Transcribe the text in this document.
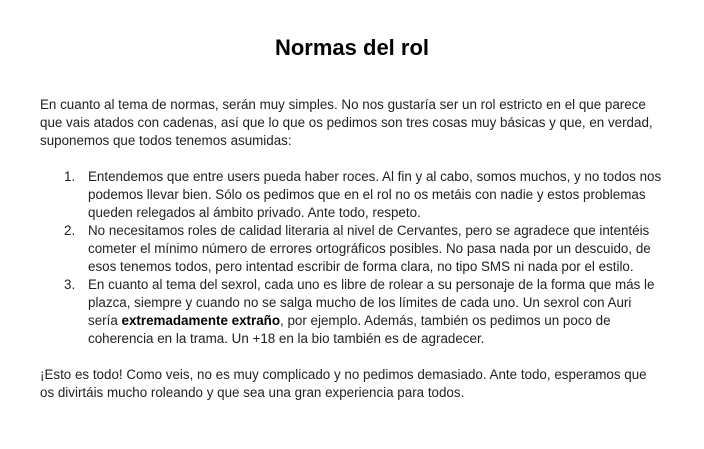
Normas del rol

En cuanto al tema de normas, serán muy simples. No nos gustaría ser un rol estricto en el que parece que vais atados con cadenas, así que lo que os pedimos son tres cosas muy básicas y que, en verdad, suponemos que todos tenemos asumidas:

1. Entendemos que entre users pueda haber roces. Al fin y al cabo, somos muchos, y no todos nos podemos llevar bien. Sólo os pedimos que en el rol no os metáis con nadie y estos problemas queden relegados al ámbito privado. Ante todo, respeto.
2. No necesitamos roles de calidad literaria al nivel de Cervantes, pero se agradece que intentéis cometer el mínimo número de errores ortográficos posibles. No pasa nada por un descuido, de esos tenemos todos, pero intentad escribir de forma clara, no tipo SMS ni nada por el estilo.
3. En cuanto al tema del sexrol, cada uno es libre de rolear a su personaje de la forma que más le plazca, siempre y cuando no se salga mucho de los límites de cada uno. Un sexrol con Auri sería extremadamente extraño, por ejemplo. Además, también os pedimos un poco de coherencia en la trama. Un +18 en la bio también es de agradecer.

¡Esto es todo! Como veis, no es muy complicado y no pedimos demasiado. Ante todo, esperamos que os divirtáis mucho roleando y que sea una gran experiencia para todos.
